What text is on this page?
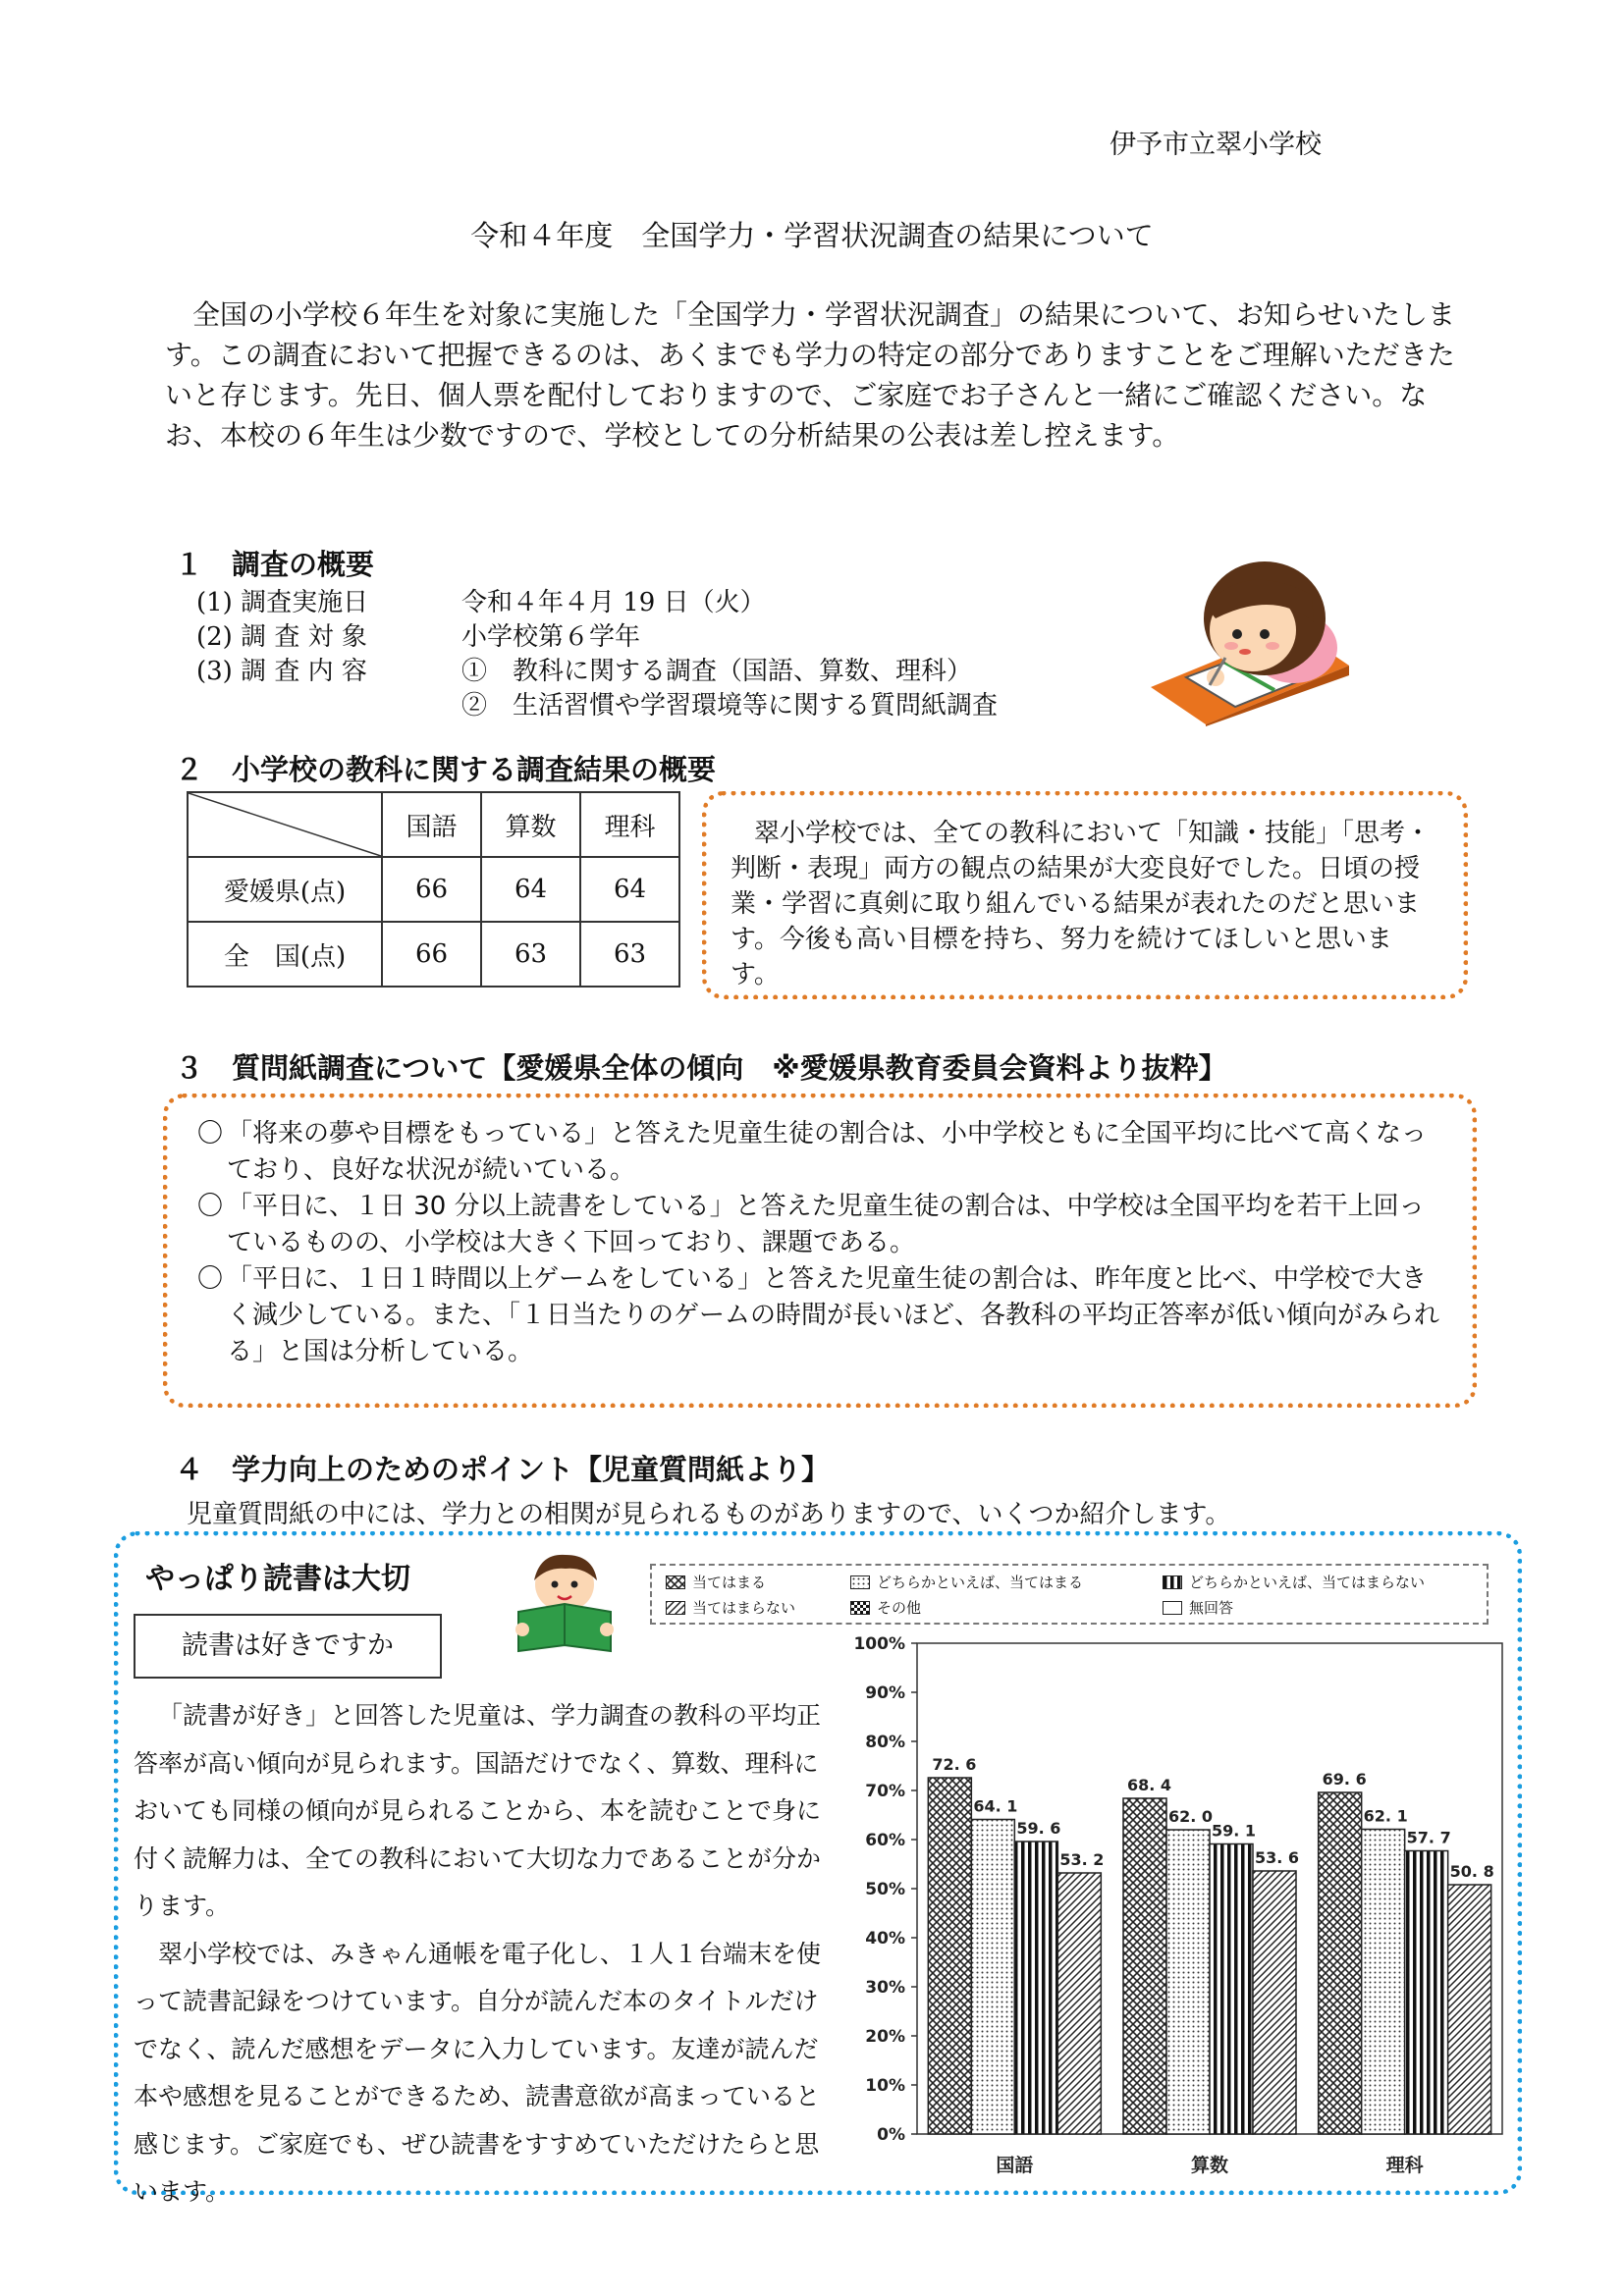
伊予市立翠小学校
令和４年度　全国学力・学習状況調査の結果について

全国の小学校６年生を対象に実施した「全国学力・学習状況調査」の結果について、お知らせいたします。この調査において把握できるのは、あくまでも学力の特定の部分でありますことをご理解いただきたいと存じます。先日、個人票を配付しておりますので、ご家庭でお子さんと一緒にご確認ください。なお、本校の６年生は少数ですので、学校としての分析結果の公表は差し控えます。

１　調査の概要
(1) 調査実施日	令和４年４月 19 日（火）
(2) 調 査 対 象	小学校第６学年
(3) 調 査 内 容	①　教科に関する調査（国語、算数、理科）
②　生活習慣や学習環境等に関する質問紙調査
２　小学校の教科に関する調査結果の概要
	国語	算数	理科
愛媛県(点)	66	64	64
全　国(点)	66	63	63
翠小学校では、全ての教科において「知識・技能」「思考・判断・表現」両方の観点の結果が大変良好でした。日頃の授業・学習に真剣に取り組んでいる結果が表れたのだと思います。今後も高い目標を持ち、努力を続けてほしいと思います。
３　質問紙調査について【愛媛県全体の傾向　※愛媛県教育委員会資料より抜粋】
〇 「将来の夢や目標をもっている」と答えた児童生徒の割合は、小中学校ともに全国平均に比べて高くなっており、良好な状況が続いている。
〇 「平日に、１日 30 分以上読書をしている」と答えた児童生徒の割合は、中学校は全国平均を若干上回っているものの、小学校は大きく下回っており、課題である。
〇 「平日に、１日１時間以上ゲームをしている」と答えた児童生徒の割合は、昨年度と比べ、中学校で大きく減少している。また、「１日当たりのゲームの時間が長いほど、各教科の平均正答率が低い傾向がみられる」と国は分析している。
４　学力向上のためのポイント【児童質問紙より】
児童質問紙の中には、学力との相関が見られるものがありますので、いくつか紹介します。
やっぱり読書は大切
読書は好きですか

「読書が好き」と回答した児童は、学力調査の教科の平均正答率が高い傾向が見られます。国語だけでなく、算数、理科においても同様の傾向が見られることから、本を読むことで身に付く読解力は、全ての教科において大切な力であることが分かります。

翠小学校では、みきゃん通帳を電子化し、１人１台端末を使って読書記録をつけています。自分が読んだ本のタイトルだけでなく、読んだ感想をデータに入力しています。友達が読んだ本や感想を見ることができるため、読書意欲が高まっていると感じます。ご家庭でも、ぜひ読書をすすめていただけたらと思います。

当てはまる
当てはまらない
どちらかといえば、当てはまる
その他
どちらかといえば、当てはまらない
無回答
0%
10%
20%
30%
40%
50%
60%
70%
80%
90%
100%
72. 6
64. 1
59. 6
53. 2
国語
68. 4
62. 0
59. 1
53. 6
算数
69. 6
62. 1
57. 7
50. 8
理科
